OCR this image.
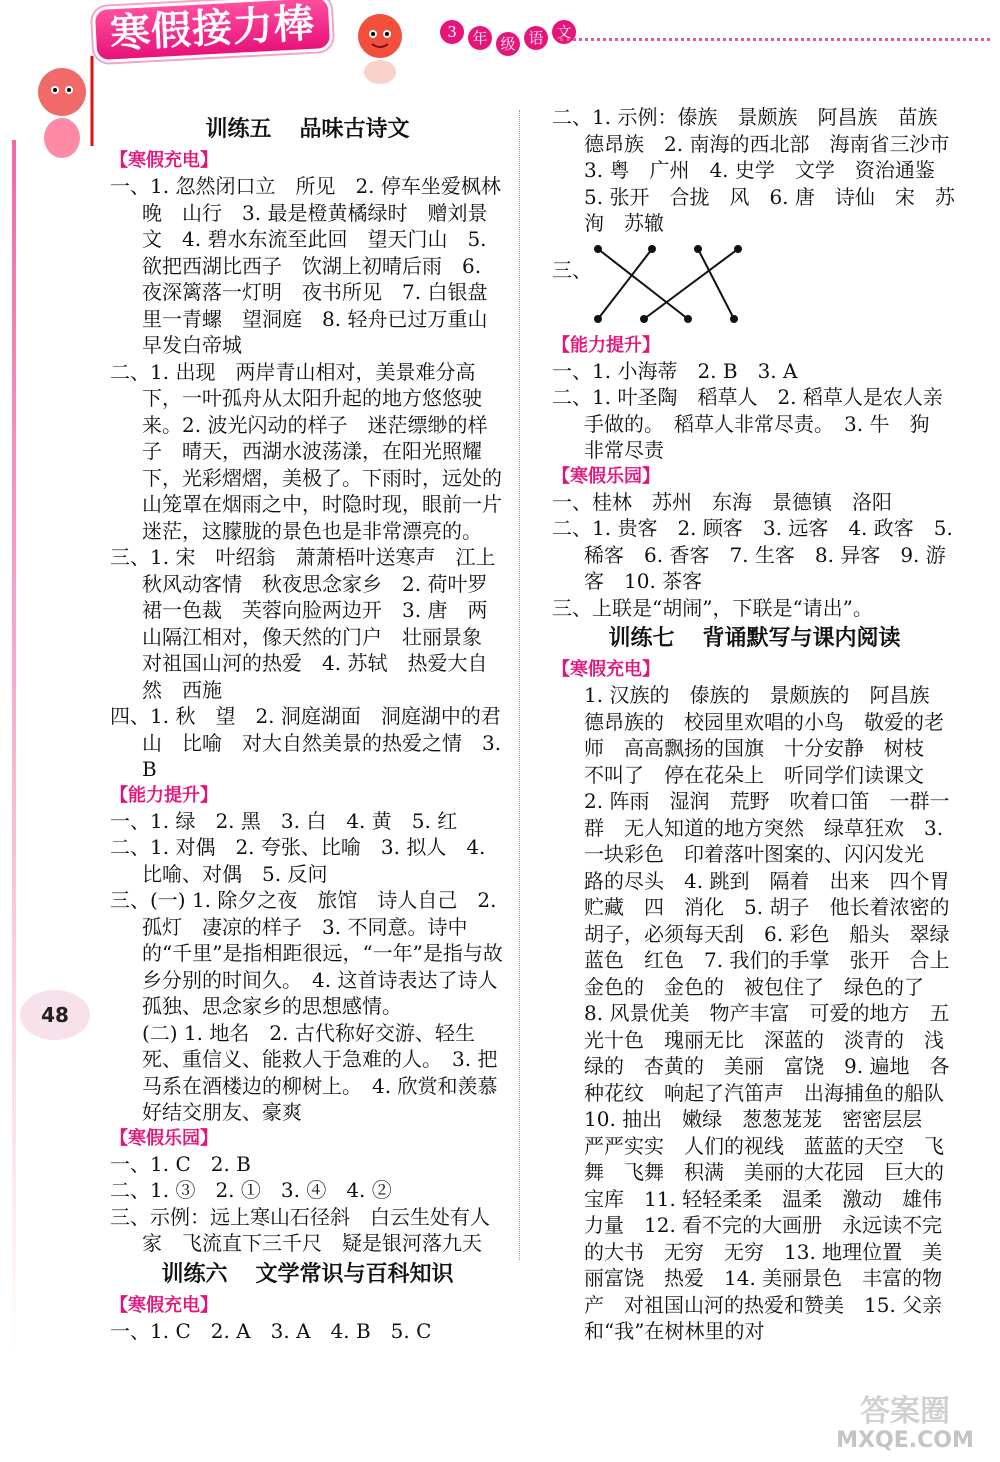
寒假接力棒	3	年 级 语 文
48
训练五 品味古诗文
【寒假充电】

一、1. 忽然闭口立　所见　2. 停车坐爱枫林晚　山行　3. 最是橙黄橘绿时　赠刘景文　4. 碧水东流至此回　望天门山　5. 欲把西湖比西子　饮湖上初晴后雨　6. 夜深篱落一灯明　夜书所见　7. 白银盘里一青螺　望洞庭　8. 轻舟已过万重山　早发白帝城

二、1. 出现　两岸青山相对，美景难分高下，一叶孤舟从太阳升起的地方悠悠驶来。2. 波光闪动的样子　迷茫缥缈的样子　晴天，西湖水波荡漾，在阳光照耀下，光彩熠熠，美极了。下雨时，远处的山笼罩在烟雨之中，时隐时现，眼前一片迷茫，这朦胧的景色也是非常漂亮的。

三、1. 宋　叶绍翁　萧萧梧叶送寒声　江上秋风动客情　秋夜思念家乡　2. 荷叶罗裙一色裁　芙蓉向脸两边开　3. 唐　两山隔江相对，像天然的门户　壮丽景象　对祖国山河的热爱　4. 苏轼　热爱大自然　西施

四、1. 秋　望　2. 洞庭湖面　洞庭湖中的君山　比喻　对大自然美景的热爱之情　3. B

【能力提升】

一、1. 绿　2. 黑　3. 白　4. 黄　5. 红

二、1. 对偶　2. 夸张、比喻　3. 拟人　4. 比喻、对偶　5. 反问

三、(一) 1. 除夕之夜　旅馆　诗人自己　2. 孤灯　凄凉的样子　3. 不同意。诗中的“千里”是指相距很远，“一年”是指与故乡分别的时间久。　4. 这首诗表达了诗人孤独、思念家乡的思想感情。

(二) 1. 地名　2. 古代称好交游、轻生死、重信义、能救人于急难的人。　3. 把马系在酒楼边的柳树上。　4. 欣赏和羡慕　好结交朋友、豪爽

【寒假乐园】

一、1. C　2. B

二、1. ③　2. ①　3. ④　4. ②

三、示例：远上寒山石径斜　白云生处有人家　飞流直下三千尺　疑是银河落九天

训练六 文学常识与百科知识
【寒假充电】

一、1. C　2. A　3. A　4. B　5. C

二、1. 示例：傣族　景颇族　阿昌族　苗族　德昂族　2. 南海的西北部　海南省三沙市　3. 粤　广州　4. 史学　文学　资治通鉴　5. 张开　合拢　风　6. 唐　诗仙　宋　苏洵　苏辙

三、
【能力提升】

一、1. 小海蒂　2. B　3. A

二、1. 叶圣陶　稻草人　2. 稻草人是农人亲手做的。　稻草人非常尽责。　3. 牛　狗　非常尽责

【寒假乐园】

一、桂林　苏州　东海　景德镇　洛阳

二、1. 贵客　2. 顾客　3. 远客　4. 政客　5. 稀客　6. 香客　7. 生客　8. 异客　9. 游客　10. 茶客

三、上联是“胡闹”，下联是“请出”。

训练七 背诵默写与课内阅读
【寒假充电】

1. 汉族的　傣族的　景颇族的　阿昌族　德昂族的　校园里欢唱的小鸟　敬爱的老师　高高飘扬的国旗　十分安静　树枝　不叫了　停在花朵上　听同学们读课文　2. 阵雨　湿润　荒野　吹着口笛　一群一群　无人知道的地方突然　绿草狂欢　3. 一块彩色　印着落叶图案的、闪闪发光　路的尽头　4. 跳到　隔着　出来　四个胃　贮藏　四　消化　5. 胡子　他长着浓密的胡子，必须每天刮　6. 彩色　船头　翠绿　蓝色　红色　7. 我们的手掌　张开　合上　金色的　金色的　被包住了　绿色的了　8. 风景优美　物产丰富　可爱的地方　五光十色　瑰丽无比　深蓝的　淡青的　浅绿的　杏黄的　美丽　富饶　9. 遍地　各种花纹　响起了汽笛声　出海捕鱼的船队　10. 抽出　嫩绿　葱葱茏茏　密密层层　严严实实　人们的视线　蓝蓝的天空　飞舞　飞舞　积满　美丽的大花园　巨大的宝库　11. 轻轻柔柔　温柔　激动　雄伟　力量　12. 看不完的大画册　永远读不完的大书　无穷　无穷　13. 地理位置　美丽富饶　热爱　14. 美丽景色　丰富的物产　对祖国山河的热爱和赞美　15. 父亲和“我”在树林里的对

答案圈
MXQE.COM
